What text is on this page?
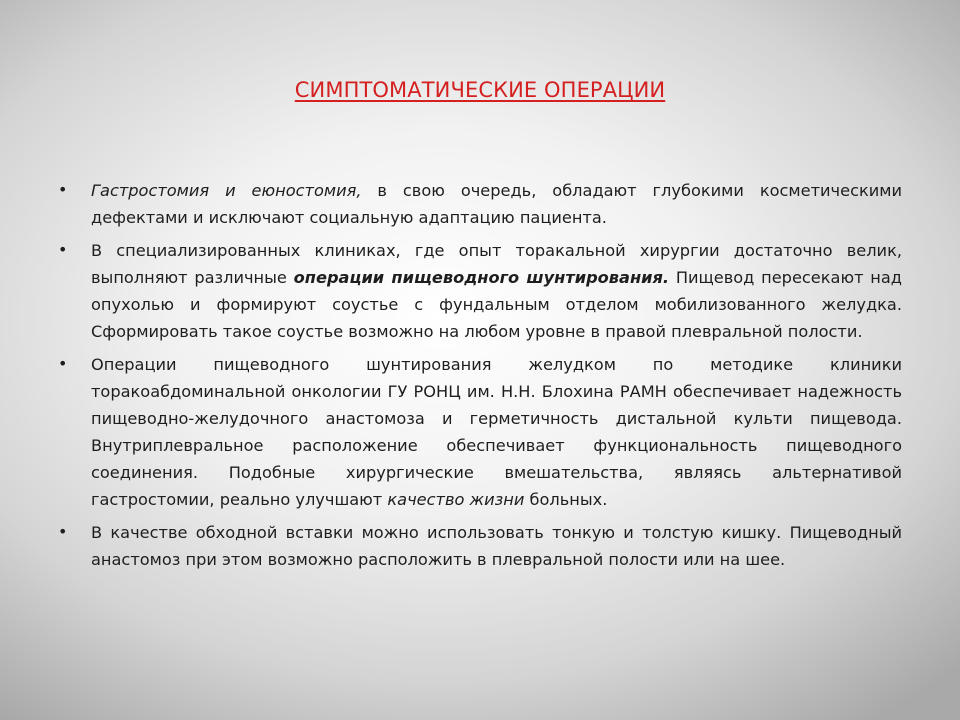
СИМПТОМАТИЧЕСКИЕ ОПЕРАЦИИ
• Гастростомия и еюностомия, в свою очередь, обладают глубокими косметическими дефектами и исключают социальную адаптацию пациента.
• В специализированных клиниках, где опыт торакальной хирургии достаточно велик, выполняют различные операции пищеводного шунтирования. Пищевод пересекают над опухолью и формируют соустье с фундальным отделом мобилизованного желудка. Сформировать такое соустье возможно на любом уровне в правой плевральной полости.
• Операции пищеводного шунтирования желудком по методике клиники торакоабдоминальной онкологии ГУ РОНЦ им. Н.Н. Блохина РАМН обеспечивает надежность пищеводно-желудочного анастомоза и герметичность дистальной культи пищевода. Внутриплевральное расположение обеспечивает функциональность пищеводного соединения. Подобные хирургические вмешательства, являясь альтернативой гастростомии, реально улучшают качество жизни больных.
• В качестве обходной вставки можно использовать тонкую и толстую кишку. Пищеводный анастомоз при этом возможно расположить в плевральной полости или на шее.
